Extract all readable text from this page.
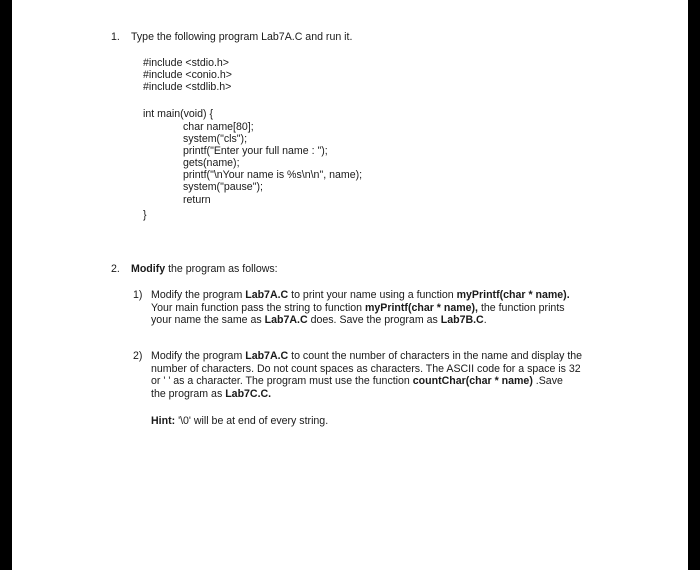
1. Type the following program Lab7A.C and run it.
#include <stdio.h>
#include <conio.h>
#include <stdlib.h>
int main(void) {
char name[80];
system("cls");
printf("Enter your full name : ");
gets(name);
printf("\nYour name is %s\n\n", name);
system("pause");
return
}
2. Modify the program as follows:
1) Modify the program Lab7A.C to print your name using a function myPrintf(char * name).
Your main function pass the string to function myPrintf(char * name), the function prints
your name the same as Lab7A.C does. Save the program as Lab7B.C.
2) Modify the program Lab7A.C to count the number of characters in the name and display the
number of characters. Do not count spaces as characters. The ASCII code for a space is 32
or ' ' as a character. The program must use the function countChar(char * name) .Save
the program as Lab7C.C.
Hint: '\0' will be at end of every string.
